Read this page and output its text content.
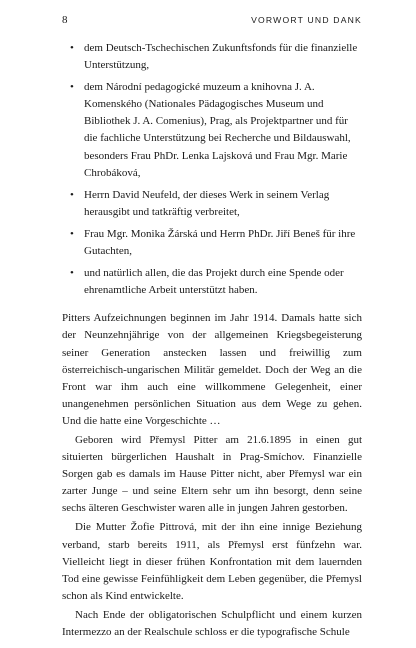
8	VORWORT UND DANK
• dem Deutsch-Tschechischen Zukunftsfonds für die finanzielle Unterstützung,
• dem Národní pedagogické muzeum a knihovna J. A. Komenského (Nationales Pädagogisches Museum und Bibliothek J. A. Comenius), Prag, als Projektpartner und für die fachliche Unterstützung bei Recherche und Bildauswahl, besonders Frau PhDr. Lenka Lajsková und Frau Mgr. Marie Chrobáková,
• Herrn David Neufeld, der dieses Werk in seinem Verlag herausgibt und tatkräftig verbreitet,
• Frau Mgr. Monika Žárská und Herrn PhDr. Jiří Beneš für ihre Gutachten,
• und natürlich allen, die das Projekt durch eine Spende oder ehrenamtliche Arbeit unterstützt haben.

Pitters Aufzeichnungen beginnen im Jahr 1914. Damals hatte sich der Neunzehnjährige von der allgemeinen Kriegsbegeisterung seiner Generation anstecken lassen und freiwillig zum österreichisch-ungarischen Militär gemeldet. Doch der Weg an die Front war ihm auch eine willkommene Gelegenheit, einer unangenehmen persönlichen Situation aus dem Wege zu gehen. Und die hatte eine Vorgeschichte …

Geboren wird Přemysl Pitter am 21.6.1895 in einen gut situierten bürgerlichen Haushalt in Prag-Smíchov. Finanzielle Sorgen gab es damals im Hause Pitter nicht, aber Přemysl war ein zarter Junge – und seine Eltern sehr um ihn besorgt, denn seine sechs älteren Geschwister waren alle in jungen Jahren gestorben.

Die Mutter Žofie Pittrová, mit der ihn eine innige Beziehung verband, starb bereits 1911, als Přemysl erst fünfzehn war. Vielleicht liegt in dieser frühen Konfrontation mit dem lauernden Tod eine gewisse Feinfühligkeit dem Leben gegenüber, die Přemysl schon als Kind entwickelte.

Nach Ende der obligatorischen Schulpflicht und einem kurzen Intermezzo an der Realschule schloss er die typografische Schule
